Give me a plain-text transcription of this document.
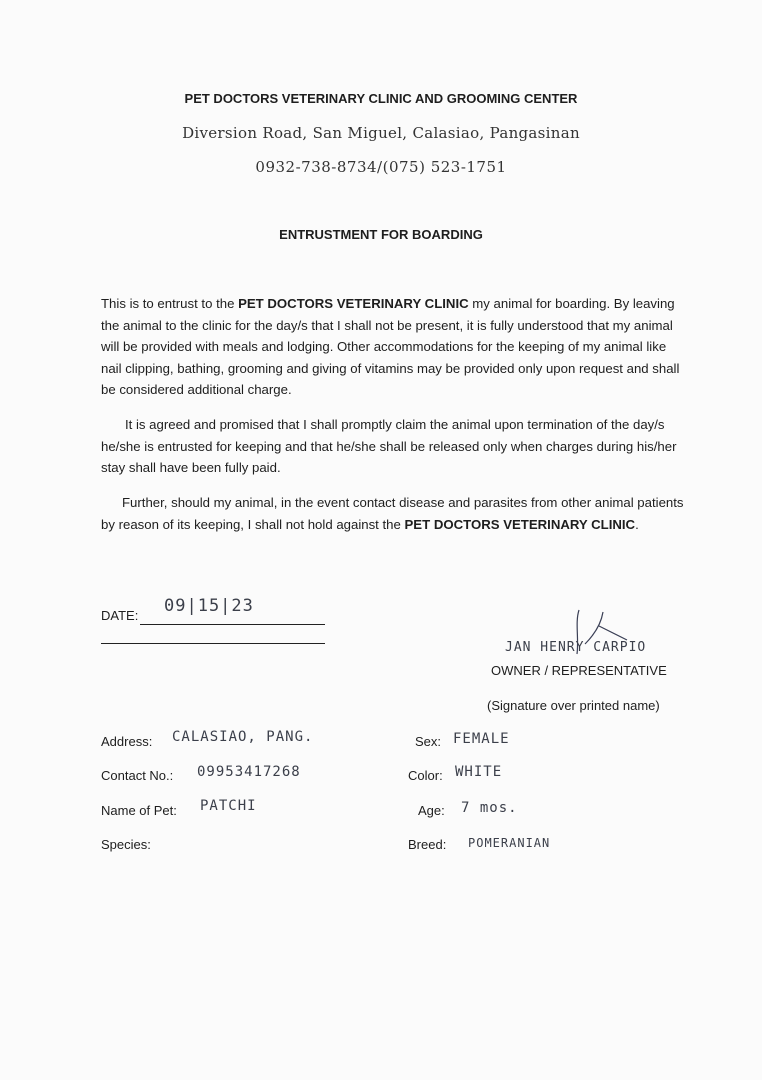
PET DOCTORS VETERINARY CLINIC AND GROOMING CENTER
Diversion Road, San Miguel, Calasiao, Pangasinan
0932-738-8734/(075) 523-1751
ENTRUSTMENT FOR BOARDING
This is to entrust to the PET DOCTORS VETERINARY CLINIC my animal for boarding. By leaving the animal to the clinic for the day/s that I shall not be present, it is fully understood that my animal will be provided with meals and lodging. Other accommodations for the keeping of my animal like nail clipping, bathing, grooming and giving of vitamins may be provided only upon request and shall be considered additional charge.
It is agreed and promised that I shall promptly claim the animal upon termination of the day/s he/she is entrusted for keeping and that he/she shall be released only when charges during his/her stay shall have been fully paid.
Further, should my animal, in the event contact disease and parasites from other animal patients by reason of its keeping, I shall not hold against the PET DOCTORS VETERINARY CLINIC.
DATE: 09|15|23
JAN HENRY CARPIO
OWNER / REPRESENTATIVE
(Signature over printed name)
Address: CALASIAO, PANG.
Contact No.: 09953417268
Name of Pet: PATCHI
Species:
Sex: FEMALE
Color: WHITE
Age: 7 mos.
Breed: POMERANIAN
